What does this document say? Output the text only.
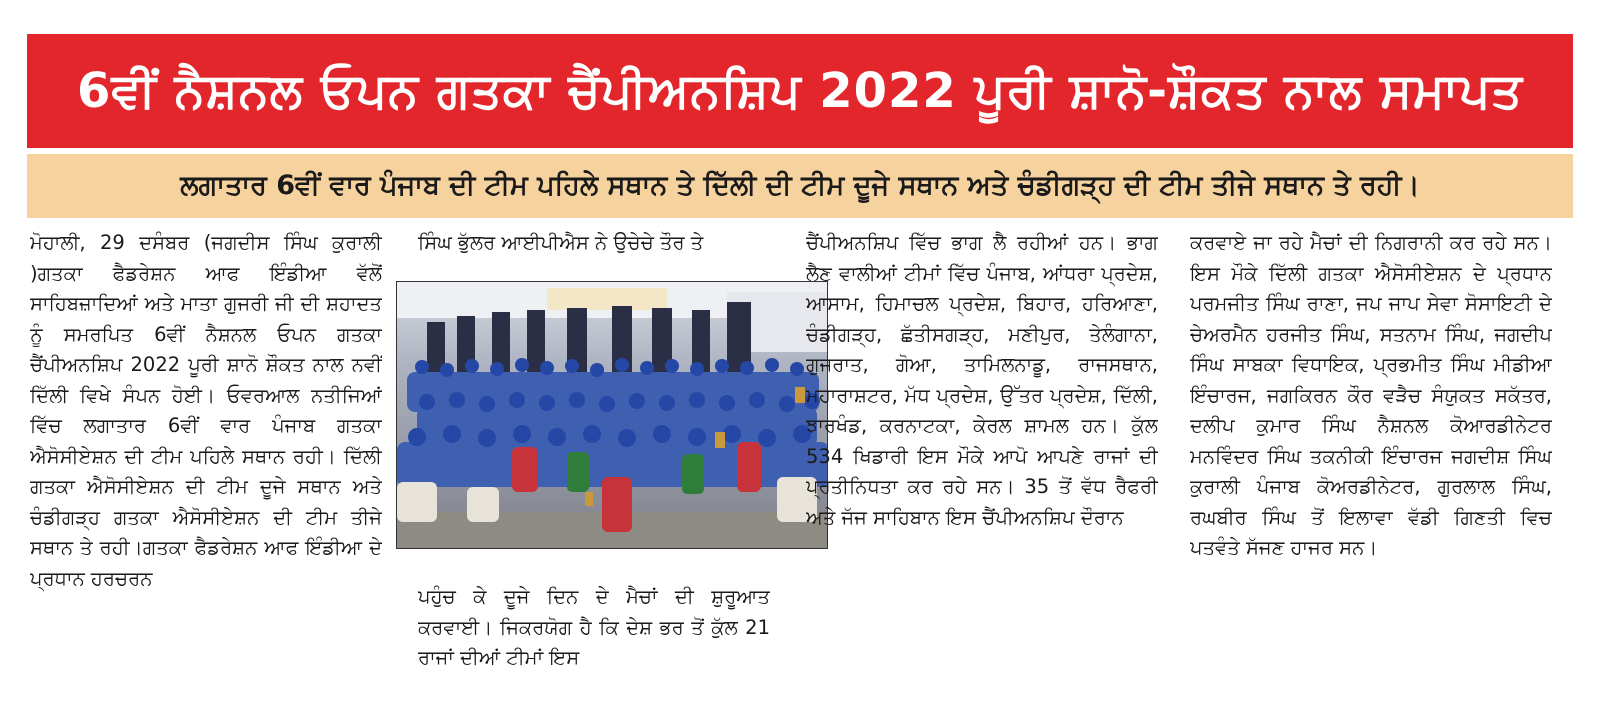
6ਵੀਂ ਨੈਸ਼ਨਲ ਓਪਨ ਗਤਕਾ ਚੈਂਪੀਅਨਸ਼ਿਪ 2022 ਪੂਰੀ ਸ਼ਾਨੋ-ਸ਼ੌਕਤ ਨਾਲ ਸਮਾਪਤ
ਲਗਾਤਾਰ 6ਵੀਂ ਵਾਰ ਪੰਜਾਬ ਦੀ ਟੀਮ ਪਹਿਲੇ ਸਥਾਨ ਤੇ ਦਿੱਲੀ ਦੀ ਟੀਮ ਦੂਜੇ ਸਥਾਨ ਅਤੇ ਚੰਡੀਗੜ੍ਹ ਦੀ ਟੀਮ ਤੀਜੇ ਸਥਾਨ ਤੇ ਰਹੀ।

ਮੋਹਾਲੀ, 29 ਦਸੰਬਰ (ਜਗਦੀਸ ਸਿੰਘ ਕੁਰਾਲੀ )ਗਤਕਾ ਫੈਡਰੇਸ਼ਨ ਆਫ ਇੰਡੀਆ ਵੱਲੋਂ ਸਾਹਿਬਜ਼ਾਦਿਆਂ ਅਤੇ ਮਾਤਾ ਗੁਜਰੀ ਜੀ ਦੀ ਸ਼ਹਾਦਤ ਨੂੰ ਸਮਰਪਿਤ 6ਵੀਂ ਨੈਸ਼ਨਲ ਓਪਨ ਗਤਕਾ ਚੈਂਪੀਅਨਸ਼ਿਪ 2022 ਪੂਰੀ ਸ਼ਾਨੋ ਸ਼ੌਕਤ ਨਾਲ ਨਵੀਂ ਦਿੱਲੀ ਵਿਖੇ ਸੰਪਨ ਹੋਈ। ਓਵਰਆਲ ਨਤੀਜਿਆਂ ਵਿੱਚ ਲਗਾਤਾਰ 6ਵੀਂ ਵਾਰ ਪੰਜਾਬ ਗਤਕਾ ਐਸੋਸੀਏਸ਼ਨ ਦੀ ਟੀਮ ਪਹਿਲੇ ਸਥਾਨ ਰਹੀ। ਦਿੱਲੀ ਗਤਕਾ ਐਸੋਸੀਏਸ਼ਨ ਦੀ ਟੀਮ ਦੂਜੇ ਸਥਾਨ ਅਤੇ ਚੰਡੀਗੜ੍ਹ ਗਤਕਾ ਐਸੋਸੀਏਸ਼ਨ ਦੀ ਟੀਮ ਤੀਜੇ ਸਥਾਨ ਤੇ ਰਹੀ।ਗਤਕਾ ਫੈਡਰੇਸ਼ਨ ਆਫ ਇੰਡੀਆ ਦੇ ਪ੍ਰਧਾਨ ਹਰਚਰਨ

ਸਿੰਘ ਭੁੱਲਰ ਆਈਪੀਐਸ ਨੇ ਉਚੇਚੇ ਤੌਰ ਤੇ

ਪਹੁੰਚ ਕੇ ਦੂਜੇ ਦਿਨ ਦੇ ਮੈਚਾਂ ਦੀ ਸ਼ੁਰੂਆਤ ਕਰਵਾਈ। ਜਿਕਰਯੋਗ ਹੈ ਕਿ ਦੇਸ਼ ਭਰ ਤੋਂ ਕੁੱਲ 21 ਰਾਜਾਂ ਦੀਆਂ ਟੀਮਾਂ ਇਸ

ਚੈਂਪੀਅਨਸ਼ਿਪ ਵਿੱਚ ਭਾਗ ਲੈ ਰਹੀਆਂ ਹਨ। ਭਾਗ ਲੈਣ ਵਾਲੀਆਂ ਟੀਮਾਂ ਵਿੱਚ ਪੰਜਾਬ, ਆਂਧਰਾ ਪ੍ਰਦੇਸ਼, ਆਸਾਮ, ਹਿਮਾਚਲ ਪ੍ਰਦੇਸ਼, ਬਿਹਾਰ, ਹਰਿਆਣਾ, ਚੰਡੀਗੜ੍ਹ, ਛੱਤੀਸਗੜ੍ਹ, ਮਣੀਪੁਰ, ਤੇਲੰਗਾਨਾ, ਗੁਜਰਾਤ, ਗੋਆ, ਤਾਮਿਲਨਾਡੂ, ਰਾਜਸਥਾਨ, ਮਹਾਰਾਸ਼ਟਰ, ਮੱਧ ਪ੍ਰਦੇਸ਼, ਉੱਤਰ ਪ੍ਰਦੇਸ਼, ਦਿੱਲੀ, ਝਾਰਖੰਡ, ਕਰਨਾਟਕਾ, ਕੇਰਲ ਸ਼ਾਮਲ ਹਨ। ਕੁੱਲ 534 ਖਿਡਾਰੀ ਇਸ ਮੌਕੇ ਆਪੋ ਆਪਣੇ ਰਾਜਾਂ ਦੀ ਪ੍ਰਤੀਨਿਧਤਾ ਕਰ ਰਹੇ ਸਨ। 35 ਤੋਂ ਵੱਧ ਰੈਫਰੀ ਅਤੇ ਜੱਜ ਸਾਹਿਬਾਨ ਇਸ ਚੈਂਪੀਅਨਸ਼ਿਪ ਦੌਰਾਨ

ਕਰਵਾਏ ਜਾ ਰਹੇ ਮੈਚਾਂ ਦੀ ਨਿਗਰਾਨੀ ਕਰ ਰਹੇ ਸਨ। ਇਸ ਮੌਕੇ ਦਿੱਲੀ ਗਤਕਾ ਐਸੋਸੀਏਸ਼ਨ ਦੇ ਪ੍ਰਧਾਨ ਪਰਮਜੀਤ ਸਿੰਘ ਰਾਣਾ, ਜਪ ਜਾਪ ਸੇਵਾ ਸੋਸਾਇਟੀ ਦੇ ਚੇਅਰਮੈਨ ਹਰਜੀਤ ਸਿੰਘ, ਸਤਨਾਮ ਸਿੰਘ, ਜਗਦੀਪ ਸਿੰਘ ਸਾਬਕਾ ਵਿਧਾਇਕ, ਪ੍ਰਭਮੀਤ ਸਿੰਘ ਮੀਡੀਆ ਇੰਚਾਰਜ, ਜਗਕਿਰਨ ਕੌਰ ਵੜੈਚ ਸੰਯੁਕਤ ਸਕੱਤਰ, ਦਲੀਪ ਕੁਮਾਰ ਸਿੰਘ ਨੈਸ਼ਨਲ ਕੋਆਰਡੀਨੇਟਰ ਮਨਵਿੰਦਰ ਸਿੰਘ ਤਕਨੀਕੀ ਇੰਚਾਰਜ ਜਗਦੀਸ਼ ਸਿੰਘ ਕੁਰਾਲੀ ਪੰਜਾਬ ਕੋਅਰਡੀਨੇਟਰ, ਗੁਰਲਾਲ ਸਿੰਘ, ਰਘਬੀਰ ਸਿੰਘ ਤੋਂ ਇਲਾਵਾ ਵੱਡੀ ਗਿਣਤੀ ਵਿਚ ਪਤਵੰਤੇ ਸੱਜਣ ਹਾਜਰ ਸਨ।
